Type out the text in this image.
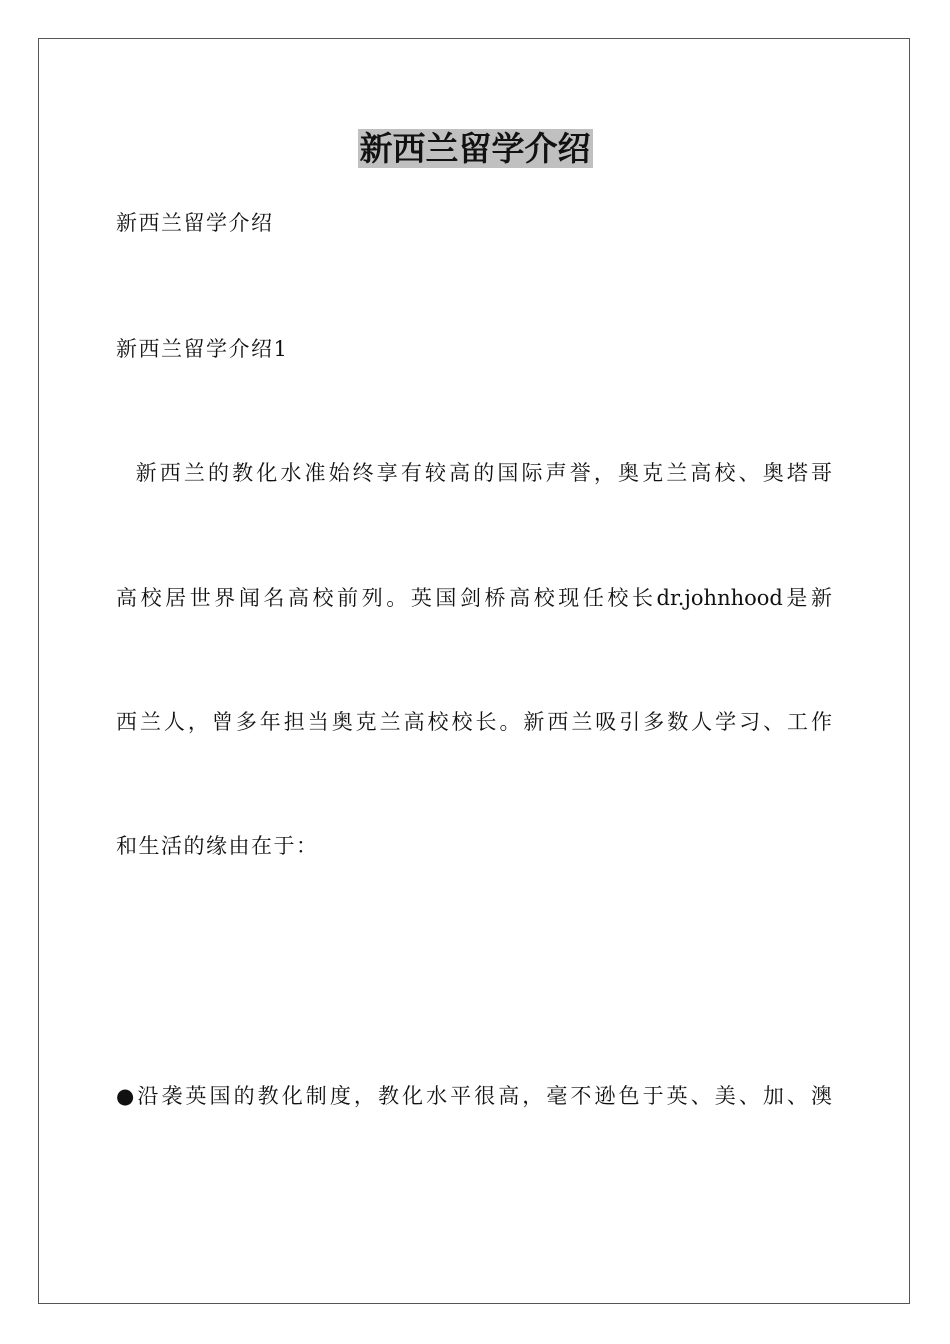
新西兰留学介绍
新西兰留学介绍
新西兰留学介绍1
新西兰的教化水准始终享有较高的国际声誉，奥克兰高校、奥塔哥
高校居世界闻名高校前列。英国剑桥高校现任校长dr.johnhood是新
西兰人，曾多年担当奥克兰高校校长。新西兰吸引多数人学习、工作
和生活的缘由在于：
●沿袭英国的教化制度，教化水平很高，毫不逊色于英、美、加、澳
